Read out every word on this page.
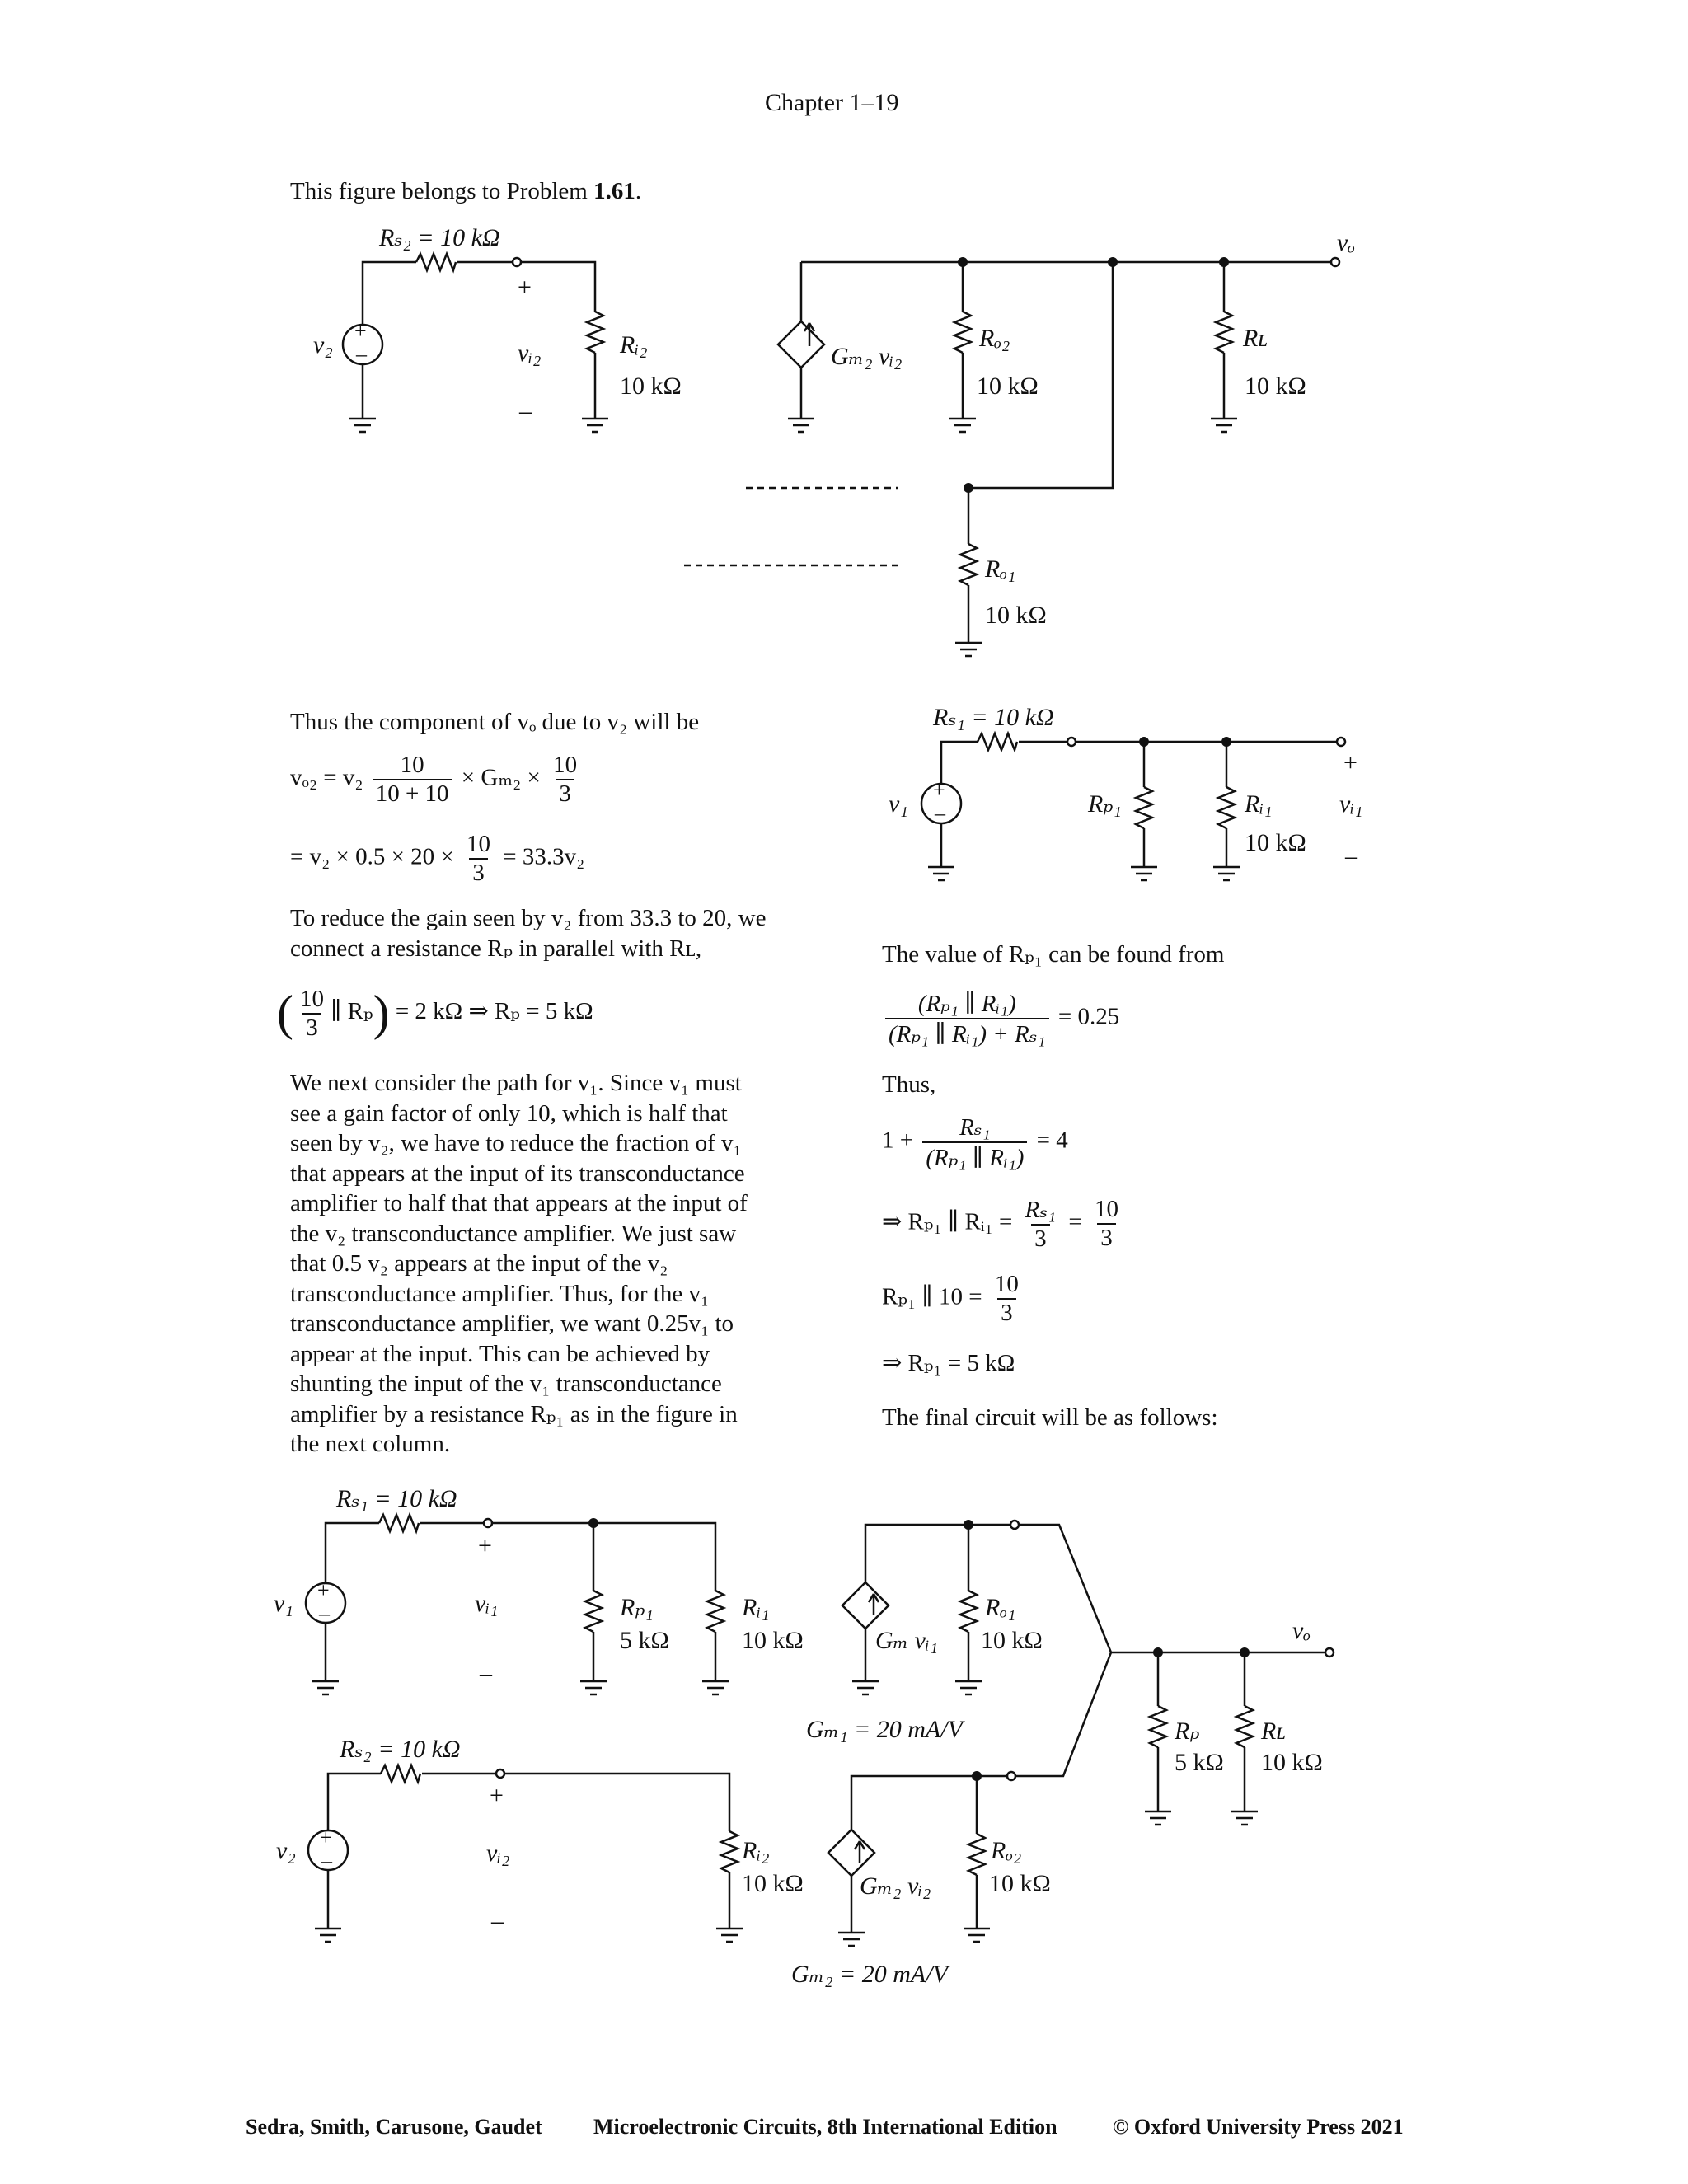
Chapter 1–19
This figure belongs to Problem 1.61.
+
–
Rₛ₂ = 10 kΩ
v₂
+
vᵢ₂
–
Rᵢ₂
10 kΩ
Gₘ₂ vᵢ₂
Rₒ₂
10 kΩ
Rʟ
10 kΩ
vₒ
Rₒ₁
10 kΩ
Thus the component of vₒ due to v₂ will be
$v_{o2} = v_2 \frac{10}{10 + 10} \times G_{m2} \times \frac{10}{3}$
= $v_2 \times 0.5 \times 20 \times \frac{10}{3} = 33.3v_2$
To reduce the gain seen by v₂ from 33.3 to 20, we connect a resistance Rₚ in parallel with Rʟ,
( $\frac{10}{3}$ ∥ Rₚ) = 2 kΩ ⇒ Rₚ = 5 kΩ
We next consider the path for v₁. Since v₁ must
see a gain factor of only 10, which is half that
seen by v₂, we have to reduce the fraction of v₁
that appears at the input of its transconductance
amplifier to half that that appears at the input of
the v₂ transconductance amplifier. We just saw
that 0.5 v₂ appears at the input of the v₂
transconductance amplifier. Thus, for the v₁
transconductance amplifier, we want 0.25v₁ to
appear at the input. This can be achieved by
shunting the input of the v₁ transconductance
amplifier by a resistance Rₚ₁ as in the figure in
the next column.
+
–
Rₛ₁ = 10 kΩ
v₁	Rₚ₁	Rᵢ₁
10 kΩ
+
vᵢ₁
–
The value of Rₚ₁ can be found from
$\frac{\text{(Rₚ₁ ∥ Rᵢ₁)}}{\text{(Rₚ₁ ∥ Rᵢ₁) + Rₛ₁}} = 0.25$
Thus,
$1 + \frac{\text{Rₛ₁}}{\text{(Rₚ₁ ∥ Rᵢ₁)}} = 4$
⇒ Rₚ₁ ∥ Rᵢ₁ = $\frac{\text{Rₛ₁}}{3} = \frac{10}{3}$
Rₚ₁ ∥ $10 = \frac{10}{3}$
⇒ Rₚ₁ = 5 kΩ
The final circuit will be as follows:
+
–
+
–
Rₛ₁ = 10 kΩ
v₁
+
vᵢ₁
–
Rₚ₁
5 kΩ
Rᵢ₁
10 kΩ	Gₘ vᵢ₁
Rₒ₁
10 kΩ
Gₘ₁ = 20 mA/V
Rₛ₂ = 10 kΩ
v₂
+
vᵢ₂
–
Rᵢ₂
10 kΩ Gₘ₂ vᵢ₂
Rₒ₂
10 kΩ
Gₘ₂ = 20 mA/V
Rₚ
5 kΩ
Rʟ
10 kΩ
vₒ
Sedra, Smith, Carusone, Gaudet Microelectronic Circuits, 8th International Edition	© Oxford University Press 2021
